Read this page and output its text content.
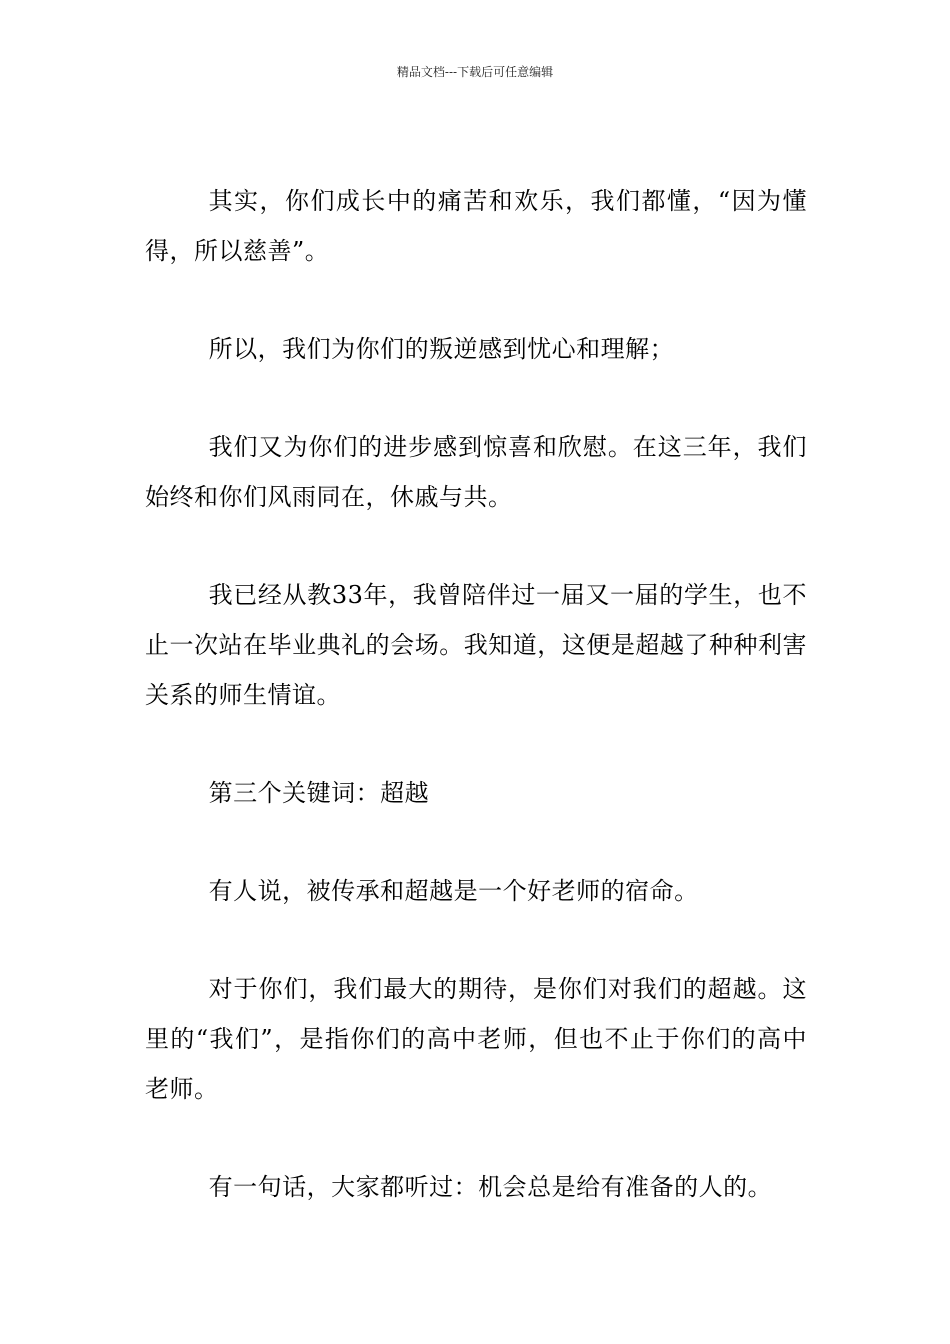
精品文档---下载后可任意编辑

其实，你们成长中的痛苦和欢乐，我们都懂，“因为懂得，所以慈善”。

所以，我们为你们的叛逆感到忧心和理解；

我们又为你们的进步感到惊喜和欣慰。在这三年，我们始终和你们风雨同在，休戚与共。

我已经从教33年，我曾陪伴过一届又一届的学生，也不止一次站在毕业典礼的会场。我知道，这便是超越了种种利害关系的师生情谊。

第三个关键词：超越

有人说，被传承和超越是一个好老师的宿命。

对于你们，我们最大的期待，是你们对我们的超越。这里的“我们”，是指你们的高中老师，但也不止于你们的高中老师。

有一句话，大家都听过：机会总是给有准备的人的。
